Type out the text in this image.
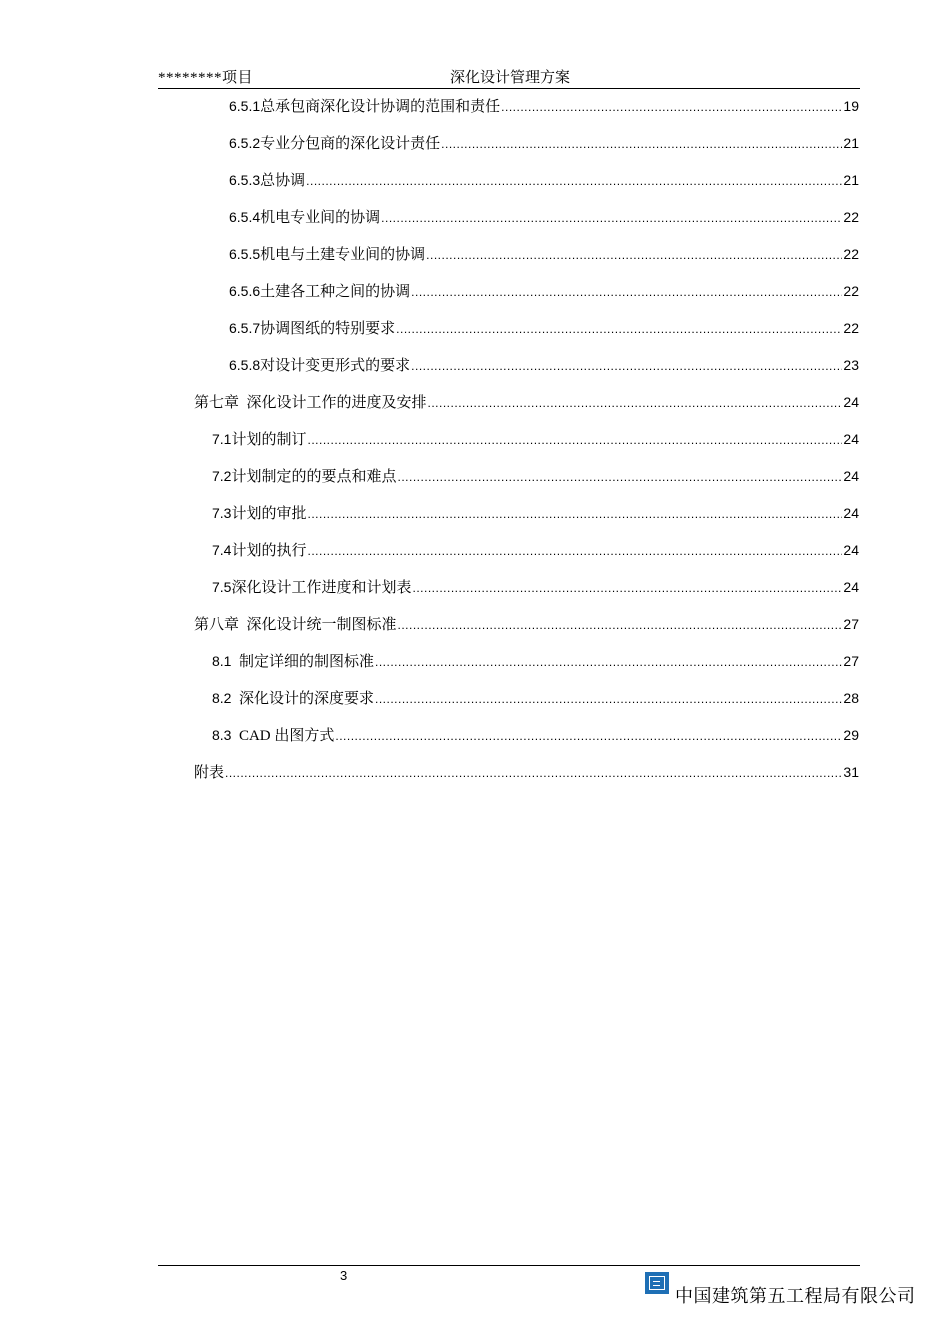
********项目	深化设计管理方案
6.5.1总承包商深化设计协调的范围和责任 .....	19
6.5.2专业分包商的深化设计责任 .....	21
6.5.3总协调 .....	21
6.5.4机电专业间的协调 .....	22
6.5.5机电与土建专业间的协调 .....	22
6.5.6土建各工种之间的协调 .....	22
6.5.7协调图纸的特别要求 .....	22
6.5.8对设计变更形式的要求 .....	23
第七章  深化设计工作的进度及安排 .....	24
7.1计划的制订 .....	24
7.2计划制定的的要点和难点 .....	24
7.3计划的审批 .....	24
7.4计划的执行 .....	24
7.5深化设计工作进度和计划表 .....	24
第八章  深化设计统一制图标准 .....	27
8.1  制定详细的制图标准 .....	27
8.2  深化设计的深度要求 .....	28
8.3  CAD 出图方式 .....	29
附表 .....	31
3
中国建筑第五工程局有限公司
